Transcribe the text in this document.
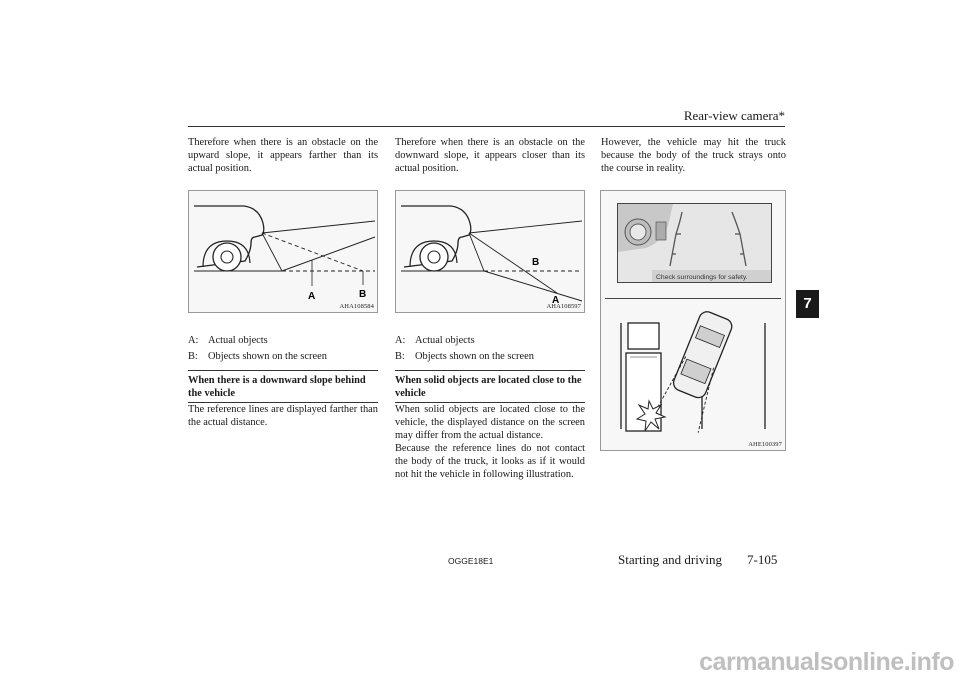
Rear-view camera*
7

Therefore when there is an obstacle on the upward slope, it appears farther than its actual position.

A	B
AHA108584
A: Actual objects
B: Objects shown on the screen
When there is a downward slope behind the vehicle

The reference lines are displayed farther than the actual distance.

Therefore when there is an obstacle on the downward slope, it appears closer than its actual position.

B
A
AHA108597
A: Actual objects
B: Objects shown on the screen
When solid objects are located close to the vehicle

When solid objects are located close to the vehicle, the displayed distance on the screen may differ from the actual distance.

Because the reference lines do not contact the body of the truck, it looks as if it would not hit the vehicle in following illustration.

However, the vehicle may hit the truck because the body of the truck strays onto the course in reality.

Check surroundings for safety.
AHE100397
OGGE18E1	Starting and driving 7-105
carmanualsonline.info
